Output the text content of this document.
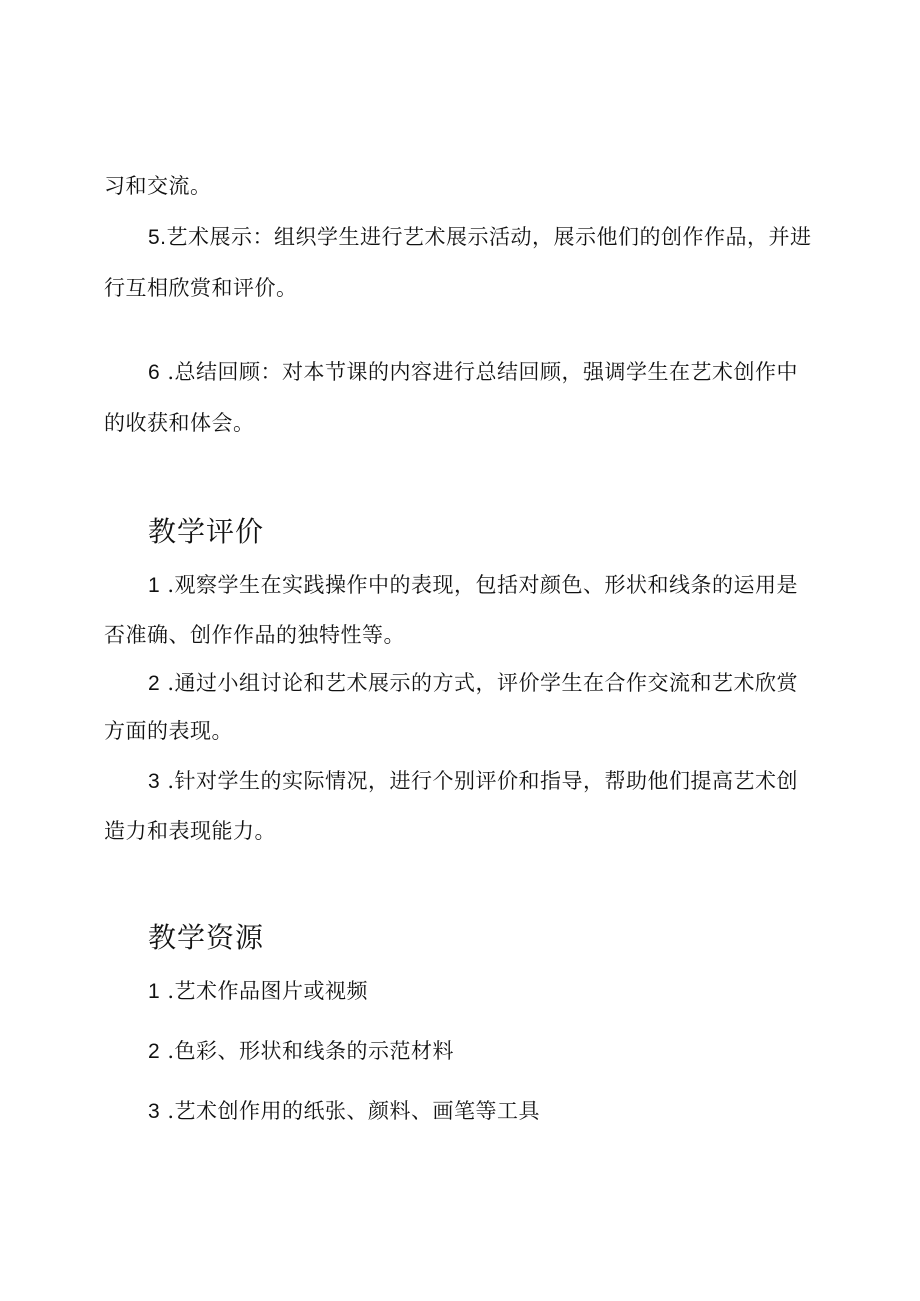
习和交流。
5.艺术展示：组织学生进行艺术展示活动，展示他们的创作作品，并进
行互相欣赏和评价。
6 .总结回顾：对本节课的内容进行总结回顾，强调学生在艺术创作中
的收获和体会。
教学评价
1 .观察学生在实践操作中的表现，包括对颜色、形状和线条的运用是
否准确、创作作品的独特性等。
2 .通过小组讨论和艺术展示的方式，评价学生在合作交流和艺术欣赏
方面的表现。
3 .针对学生的实际情况，进行个别评价和指导，帮助他们提高艺术创
造力和表现能力。
教学资源
1 .艺术作品图片或视频
2 .色彩、形状和线条的示范材料
3 .艺术创作用的纸张、颜料、画笔等工具
